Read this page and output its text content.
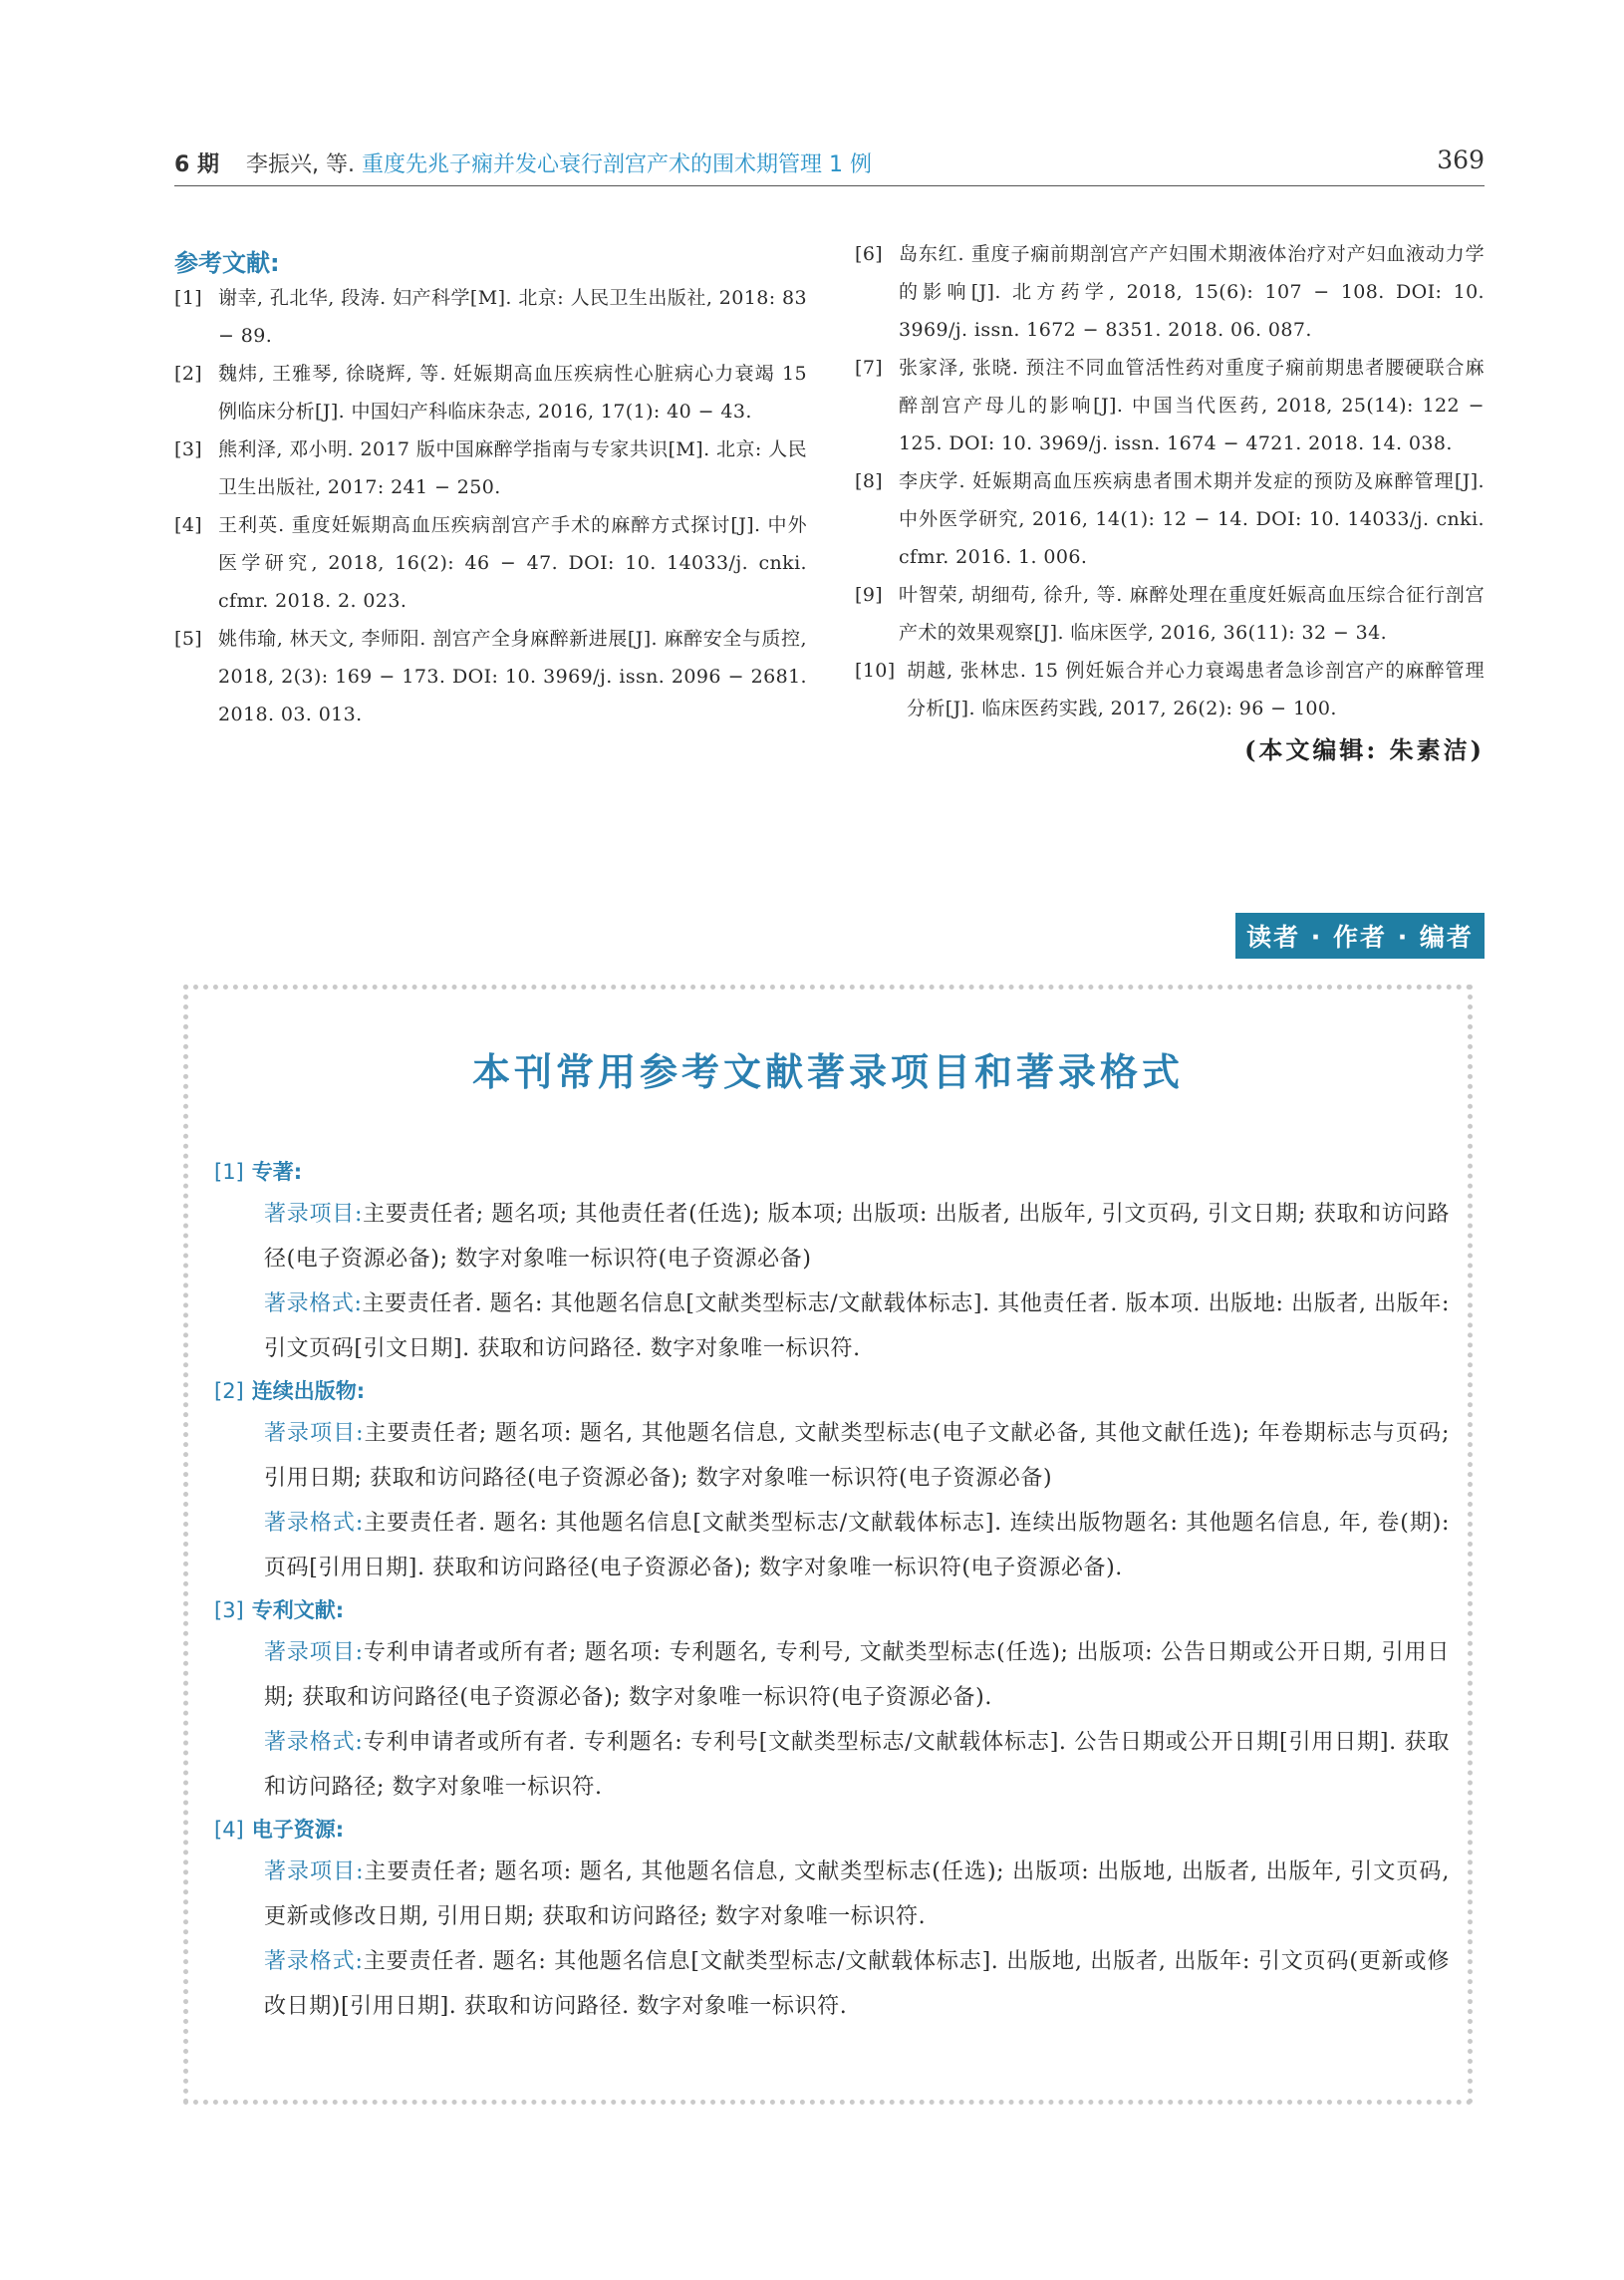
6 期 李振兴, 等. 重度先兆子痫并发心衰行剖宫产术的围术期管理 1 例	369
参考文献:
[1] 谢幸, 孔北华, 段涛. 妇产科学[M]. 北京: 人民卫生出版社, 2018: 83 − 89.
[2] 魏炜, 王雅琴, 徐晓辉, 等. 妊娠期高血压疾病性心脏病心力衰竭 15 例临床分析[J]. 中国妇产科临床杂志, 2016, 17(1): 40 − 43.
[3] 熊利泽, 邓小明. 2017 版中国麻醉学指南与专家共识[M]. 北京: 人民卫生出版社, 2017: 241 − 250.
[4] 王利英. 重度妊娠期高血压疾病剖宫产手术的麻醉方式探讨[J]. 中外医学研究, 2018, 16(2): 46 − 47. DOI: 10. 14033/j. cnki. cfmr. 2018. 2. 023.
[5] 姚伟瑜, 林天文, 李师阳. 剖宫产全身麻醉新进展[J]. 麻醉安全与质控, 2018, 2(3): 169 − 173. DOI: 10. 3969/j. issn. 2096 − 2681. 2018. 03. 013.
[6] 岛东红. 重度子痫前期剖宫产产妇围术期液体治疗对产妇血液动力学的影响[J]. 北方药学, 2018, 15(6): 107 − 108. DOI: 10. 3969/j. issn. 1672 − 8351. 2018. 06. 087.
[7] 张家泽, 张晓. 预注不同血管活性药对重度子痫前期患者腰硬联合麻醉剖宫产母儿的影响[J]. 中国当代医药, 2018, 25(14): 122 − 125. DOI: 10. 3969/j. issn. 1674 − 4721. 2018. 14. 038.
[8] 李庆学. 妊娠期高血压疾病患者围术期并发症的预防及麻醉管理[J]. 中外医学研究, 2016, 14(1): 12 − 14. DOI: 10. 14033/j. cnki. cfmr. 2016. 1. 006.
[9] 叶智荣, 胡细苟, 徐升, 等. 麻醉处理在重度妊娠高血压综合征行剖宫产术的效果观察[J]. 临床医学, 2016, 36(11): 32 − 34.
[10] 胡越, 张林忠. 15 例妊娠合并心力衰竭患者急诊剖宫产的麻醉管理分析[J]. 临床医药实践, 2017, 26(2): 96 − 100.
(本文编辑: 朱素洁)
读者 · 作者 · 编者
本刊常用参考文献著录项目和著录格式
[1] 专著:
著录项目:主要责任者; 题名项; 其他责任者(任选); 版本项; 出版项: 出版者, 出版年, 引文页码, 引文日期; 获取和访问路径(电子资源必备); 数字对象唯一标识符(电子资源必备)
著录格式:主要责任者. 题名: 其他题名信息[文献类型标志/文献载体标志]. 其他责任者. 版本项. 出版地: 出版者, 出版年: 引文页码[引文日期]. 获取和访问路径. 数字对象唯一标识符.
[2] 连续出版物:
著录项目:主要责任者; 题名项: 题名, 其他题名信息, 文献类型标志(电子文献必备, 其他文献任选); 年卷期标志与页码; 引用日期; 获取和访问路径(电子资源必备); 数字对象唯一标识符(电子资源必备)
著录格式:主要责任者. 题名: 其他题名信息[文献类型标志/文献载体标志]. 连续出版物题名: 其他题名信息, 年, 卷(期): 页码[引用日期]. 获取和访问路径(电子资源必备); 数字对象唯一标识符(电子资源必备).
[3] 专利文献:
著录项目:专利申请者或所有者; 题名项: 专利题名, 专利号, 文献类型标志(任选); 出版项: 公告日期或公开日期, 引用日期; 获取和访问路径(电子资源必备); 数字对象唯一标识符(电子资源必备).
著录格式:专利申请者或所有者. 专利题名: 专利号[文献类型标志/文献载体标志]. 公告日期或公开日期[引用日期]. 获取和访问路径; 数字对象唯一标识符.
[4] 电子资源:
著录项目:主要责任者; 题名项: 题名, 其他题名信息, 文献类型标志(任选); 出版项: 出版地, 出版者, 出版年, 引文页码, 更新或修改日期, 引用日期; 获取和访问路径; 数字对象唯一标识符.
著录格式:主要责任者. 题名: 其他题名信息[文献类型标志/文献载体标志]. 出版地, 出版者, 出版年: 引文页码(更新或修改日期)[引用日期]. 获取和访问路径. 数字对象唯一标识符.
